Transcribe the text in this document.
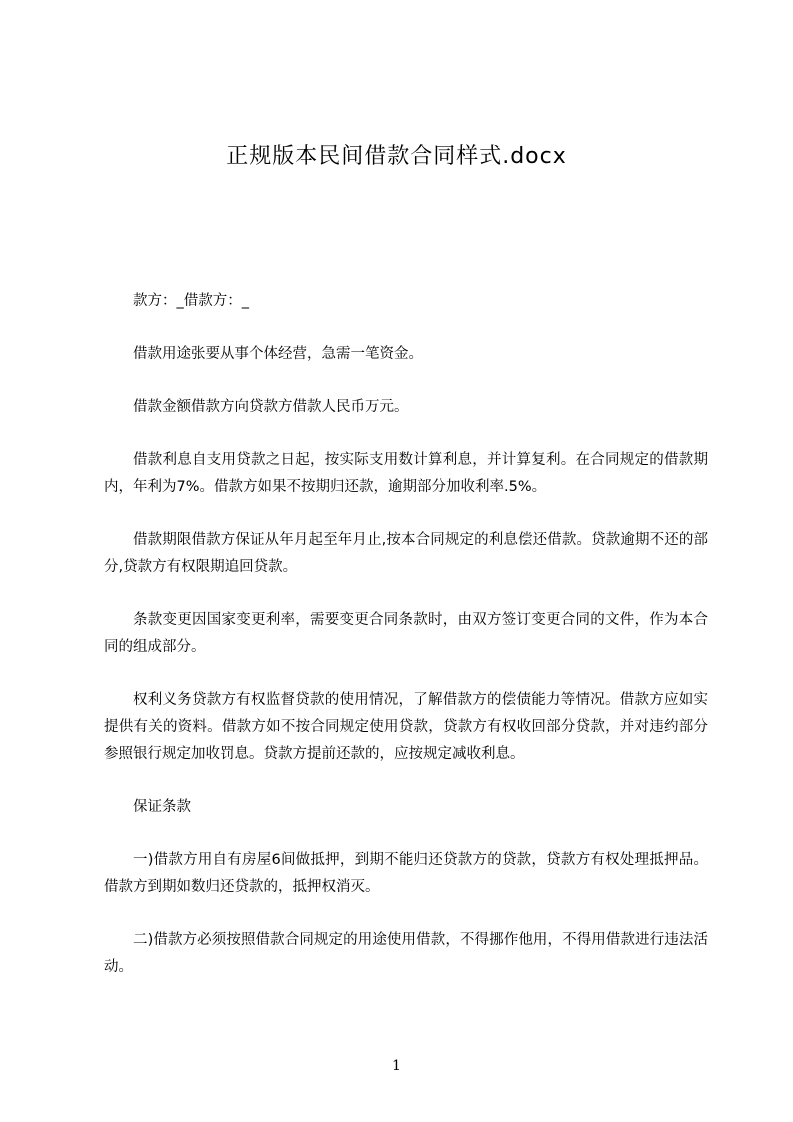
正规版本民间借款合同样式.docx

款方：_借款方：_

借款用途张要从事个体经营，急需一笔资金。

借款金额借款方向贷款方借款人民币万元。

借款利息自支用贷款之日起，按实际支用数计算利息，并计算复利。在合同规定的借款期内，年利为7%。借款方如果不按期归还款，逾期部分加收利率.5%。

借款期限借款方保证从年月起至年月止,按本合同规定的利息偿还借款。贷款逾期不还的部分,贷款方有权限期追回贷款。

条款变更因国家变更利率，需要变更合同条款时，由双方签订变更合同的文件，作为本合同的组成部分。

权利义务贷款方有权监督贷款的使用情况，了解借款方的偿债能力等情况。借款方应如实提供有关的资料。借款方如不按合同规定使用贷款，贷款方有权收回部分贷款，并对违约部分参照银行规定加收罚息。贷款方提前还款的，应按规定减收利息。

保证条款

一)借款方用自有房屋6间做抵押，到期不能归还贷款方的贷款，贷款方有权处理抵押品。借款方到期如数归还贷款的，抵押权消灭。

二)借款方必须按照借款合同规定的用途使用借款，不得挪作他用，不得用借款进行违法活动。

1
